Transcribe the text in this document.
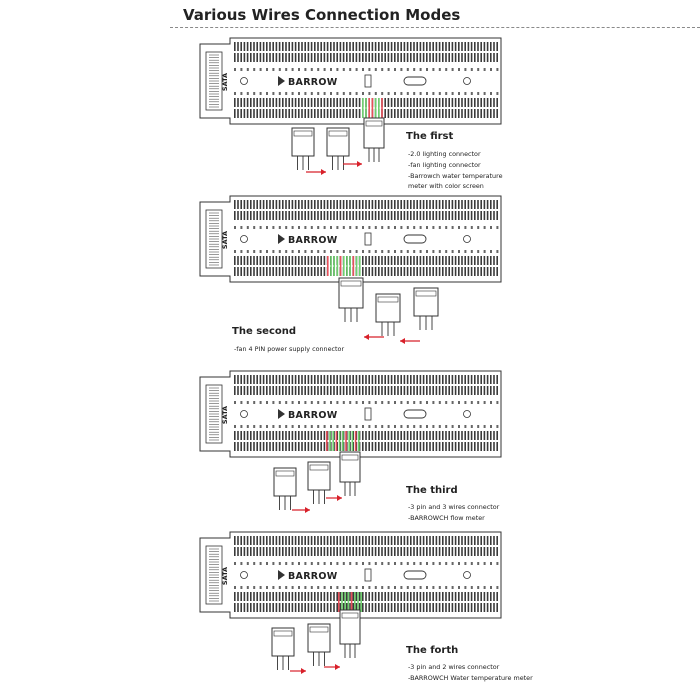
Various Wires Connection Modes
SATA	BARROW
SATA	BARROW
SATA	BARROW
SATA	BARROW
The first
-2.0 lighting connector
-fan lighting connector
-Barrowch water temperature
meter with color screen
The second
-fan 4 PIN power supply connector
The third
-3 pin and 3 wires connector
-BARROWCH flow meter
The forth
-3 pin and 2 wires connector
-BARROWCH Water temperature meter
